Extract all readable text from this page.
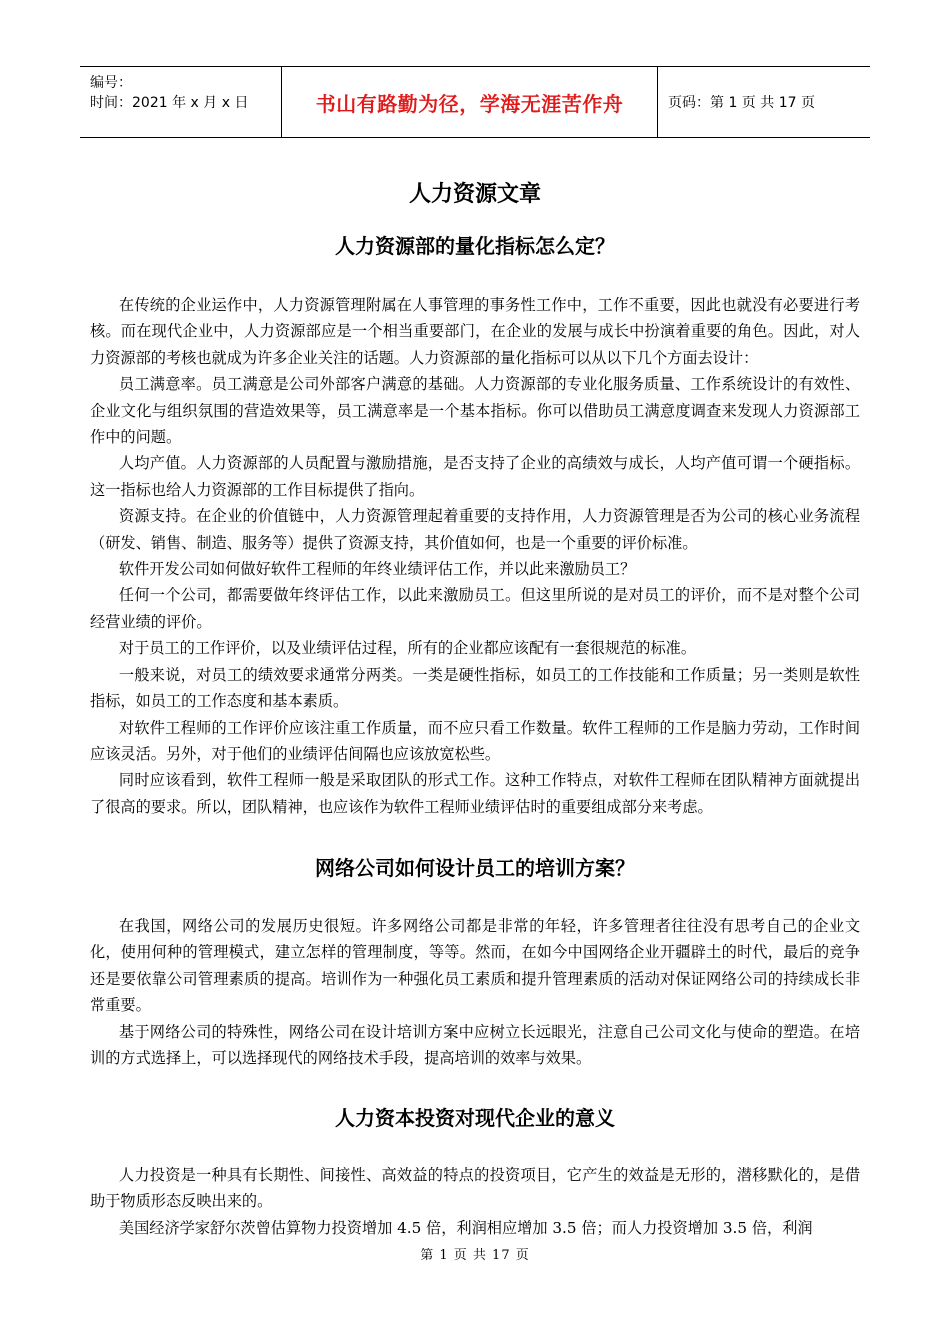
编号：
时间：2021 年 x 月 x 日	书山有路勤为径，学海无涯苦作舟	页码：第 1 页 共 17 页
人力资源文章
人力资源部的量化指标怎么定？

在传统的企业运作中，人力资源管理附属在人事管理的事务性工作中，工作不重要，因此也就没有必要进行考核。而在现代企业中，人力资源部应是一个相当重要部门，在企业的发展与成长中扮演着重要的角色。因此，对人力资源部的考核也就成为许多企业关注的话题。人力资源部的量化指标可以从以下几个方面去设计：

员工满意率。员工满意是公司外部客户满意的基础。人力资源部的专业化服务质量、工作系统设计的有效性、企业文化与组织氛围的营造效果等，员工满意率是一个基本指标。你可以借助员工满意度调查来发现人力资源部工作中的问题。

人均产值。人力资源部的人员配置与激励措施，是否支持了企业的高绩效与成长，人均产值可谓一个硬指标。这一指标也给人力资源部的工作目标提供了指向。

资源支持。在企业的价值链中，人力资源管理起着重要的支持作用，人力资源管理是否为公司的核心业务流程（研发、销售、制造、服务等）提供了资源支持，其价值如何，也是一个重要的评价标准。

软件开发公司如何做好软件工程师的年终业绩评估工作，并以此来激励员工？

任何一个公司，都需要做年终评估工作，以此来激励员工。但这里所说的是对员工的评价，而不是对整个公司经营业绩的评价。

对于员工的工作评价，以及业绩评估过程，所有的企业都应该配有一套很规范的标准。

一般来说，对员工的绩效要求通常分两类。一类是硬性指标，如员工的工作技能和工作质量；另一类则是软性指标，如员工的工作态度和基本素质。

对软件工程师的工作评价应该注重工作质量，而不应只看工作数量。软件工程师的工作是脑力劳动，工作时间应该灵活。另外，对于他们的业绩评估间隔也应该放宽松些。

同时应该看到，软件工程师一般是采取团队的形式工作。这种工作特点，对软件工程师在团队精神方面就提出了很高的要求。所以，团队精神，也应该作为软件工程师业绩评估时的重要组成部分来考虑。

网络公司如何设计员工的培训方案？

在我国，网络公司的发展历史很短。许多网络公司都是非常的年轻，许多管理者往往没有思考自己的企业文化，使用何种的管理模式，建立怎样的管理制度，等等。然而，在如今中国网络企业开疆辟土的时代，最后的竞争还是要依靠公司管理素质的提高。培训作为一种强化员工素质和提升管理素质的活动对保证网络公司的持续成长非常重要。

基于网络公司的特殊性，网络公司在设计培训方案中应树立长远眼光，注意自己公司文化与使命的塑造。在培训的方式选择上，可以选择现代的网络技术手段，提高培训的效率与效果。

人力资本投资对现代企业的意义

人力投资是一种具有长期性、间接性、高效益的特点的投资项目，它产生的效益是无形的，潜移默化的，是借助于物质形态反映出来的。

美国经济学家舒尔茨曾估算物力投资增加 4.5 倍，利润相应增加 3.5 倍；而人力投资增加 3.5 倍，利润

第 1 页 共 17 页
